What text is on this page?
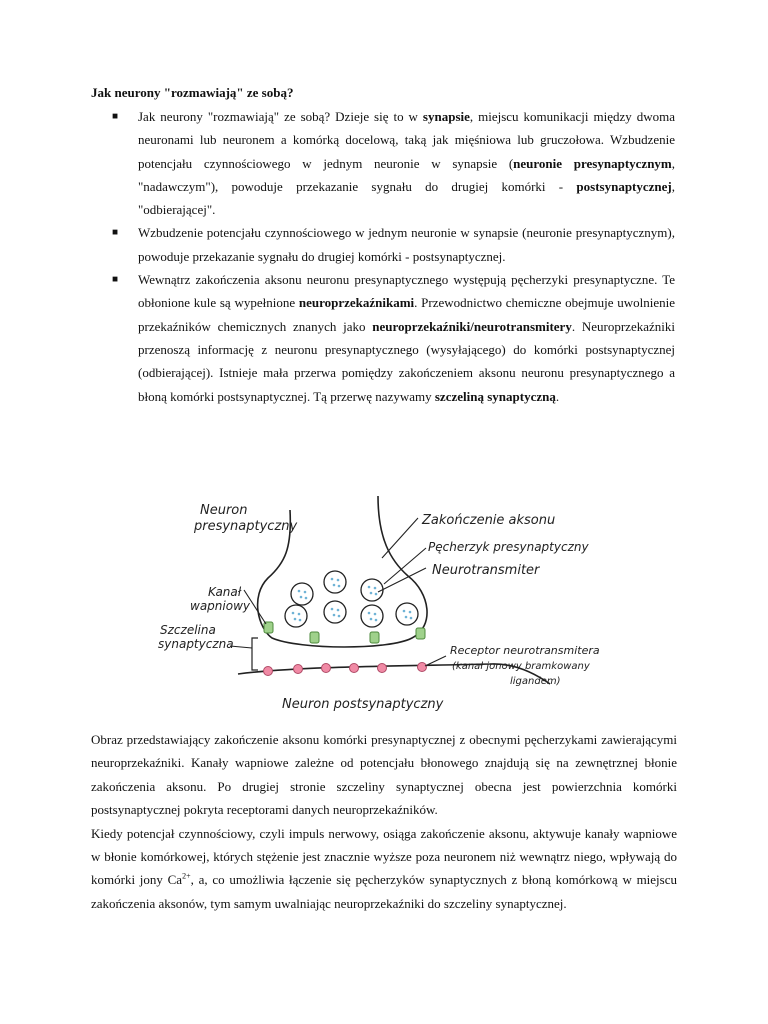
Jak neurony "rozmawiają" ze sobą?
■ Jak neurony "rozmawiają" ze sobą? Dzieje się to w synapsie, miejscu komunikacji między dwoma neuronami lub neuronem a komórką docelową, taką jak mięśniowa lub gruczołowa. Wzbudzenie potencjału czynnościowego w jednym neuronie w synapsie (neuronie presynaptycznym, "nadawczym"), powoduje przekazanie sygnału do drugiej komórki - postsynaptycznej, "odbierającej".
■ Wzbudzenie potencjału czynnościowego w jednym neuronie w synapsie (neuronie presynaptycznym), powoduje przekazanie sygnału do drugiej komórki - postsynaptycznej.
■ Wewnątrz zakończenia aksonu neuronu presynaptycznego występują pęcherzyki presynaptyczne. Te obłonione kule są wypełnione neuroprzekaźnikami. Przewodnictwo chemiczne obejmuje uwolnienie przekaźników chemicznych znanych jako neuroprzekaźniki/neurotransmitery. Neuroprzekaźniki przenoszą informację z neuronu presynaptycznego (wysyłającego) do komórki postsynaptycznej (odbierającej). Istnieje mała przerwa pomiędzy zakończeniem aksonu neuronu presynaptycznego a błoną komórki postsynaptycznej. Tą przerwę nazywamy szczeliną synaptyczną.
Neuron
presynaptyczny	Zakończenie aksonu
Pęcherzyk presynaptyczny
Neurotransmiter
Kanał
wapniowy
Szczelina
synaptyczna	Receptor neurotransmitera
(kanał jonowy bramkowany
ligandem)
Neuron postsynaptyczny

Obraz przedstawiający zakończenie aksonu komórki presynaptycznej z obecnymi pęcherzykami zawierającymi neuroprzekaźniki. Kanały wapniowe zależne od potencjału błonowego znajdują się na zewnętrznej błonie zakończenia aksonu. Po drugiej stronie szczeliny synaptycznej obecna jest powierzchnia komórki postsynaptycznej pokryta receptorami danych neuroprzekaźników.

Kiedy potencjał czynnościowy, czyli impuls nerwowy, osiąga zakończenie aksonu, aktywuje kanały wapniowe w błonie komórkowej, których stężenie jest znacznie wyższe poza neuronem niż wewnątrz niego, wpływają do komórki jony $Ca^{2+}$, a, co umożliwia łączenie się pęcherzyków synaptycznych z błoną komórkową w miejscu zakończenia aksonów, tym samym uwalniając neuroprzekaźniki do szczeliny synaptycznej.
